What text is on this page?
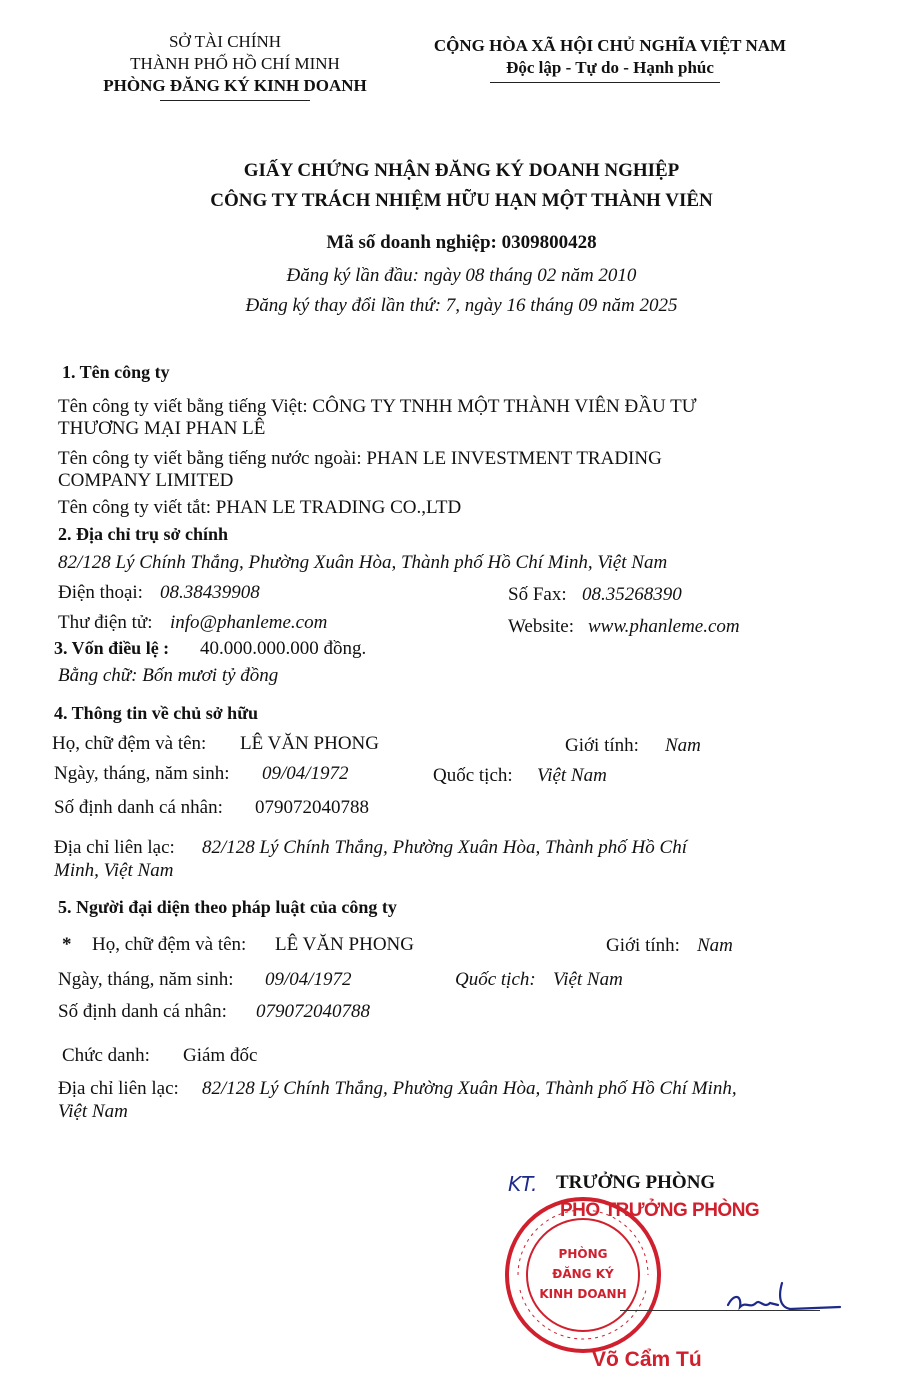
SỞ TÀI CHÍNH
THÀNH PHỐ HỒ CHÍ MINH
PHÒNG ĐĂNG KÝ KINH DOANH
CỘNG HÒA XÃ HỘI CHỦ NGHĨA VIỆT NAM
Độc lập - Tự do - Hạnh phúc
GIẤY CHỨNG NHẬN ĐĂNG KÝ DOANH NGHIỆP
CÔNG TY TRÁCH NHIỆM HỮU HẠN MỘT THÀNH VIÊN
Mã số doanh nghiệp: 0309800428
Đăng ký lần đầu: ngày 08 tháng 02 năm 2010
Đăng ký thay đổi lần thứ: 7, ngày 16 tháng 09 năm 2025
1. Tên công ty
Tên công ty viết bằng tiếng Việt: CÔNG TY TNHH MỘT THÀNH VIÊN ĐẦU TƯ
THƯƠNG MẠI PHAN LÊ
Tên công ty viết bằng tiếng nước ngoài: PHAN LE INVESTMENT TRADING
COMPANY LIMITED
Tên công ty viết tắt: PHAN LE TRADING CO.,LTD
2. Địa chỉ trụ sở chính
82/128 Lý Chính Thắng, Phường Xuân Hòa, Thành phố Hồ Chí Minh, Việt Nam
Điện thoại: 08.38439908	Số Fax: 08.35268390
Thư điện tử: info@phanleme.com	Website: www.phanleme.com
3. Vốn điều lệ : 40.000.000.000 đồng.
Bằng chữ: Bốn mươi tỷ đồng
4. Thông tin về chủ sở hữu
Họ, chữ đệm và tên: LÊ VĂN PHONG	Giới tính: Nam
Ngày, tháng, năm sinh: 09/04/1972	Quốc tịch: Việt Nam
Số định danh cá nhân: 079072040788
Địa chỉ liên lạc: 82/128 Lý Chính Thắng, Phường Xuân Hòa, Thành phố Hồ Chí
Minh, Việt Nam
5. Người đại diện theo pháp luật của công ty
* Họ, chữ đệm và tên: LÊ VĂN PHONG	Giới tính: Nam
Ngày, tháng, năm sinh: 09/04/1972	Quốc tịch: Việt Nam
Số định danh cá nhân: 079072040788
Chức danh: Giám đốc
Địa chỉ liên lạc: 82/128 Lý Chính Thắng, Phường Xuân Hòa, Thành phố Hồ Chí Minh,
Việt Nam
KT. TRƯỞNG PHÒNG
PHÒNG
ĐĂNG KÝ
KINH DOANH
PHÓ TRƯỞNG PHÒNG
Võ Cẩm Tú
